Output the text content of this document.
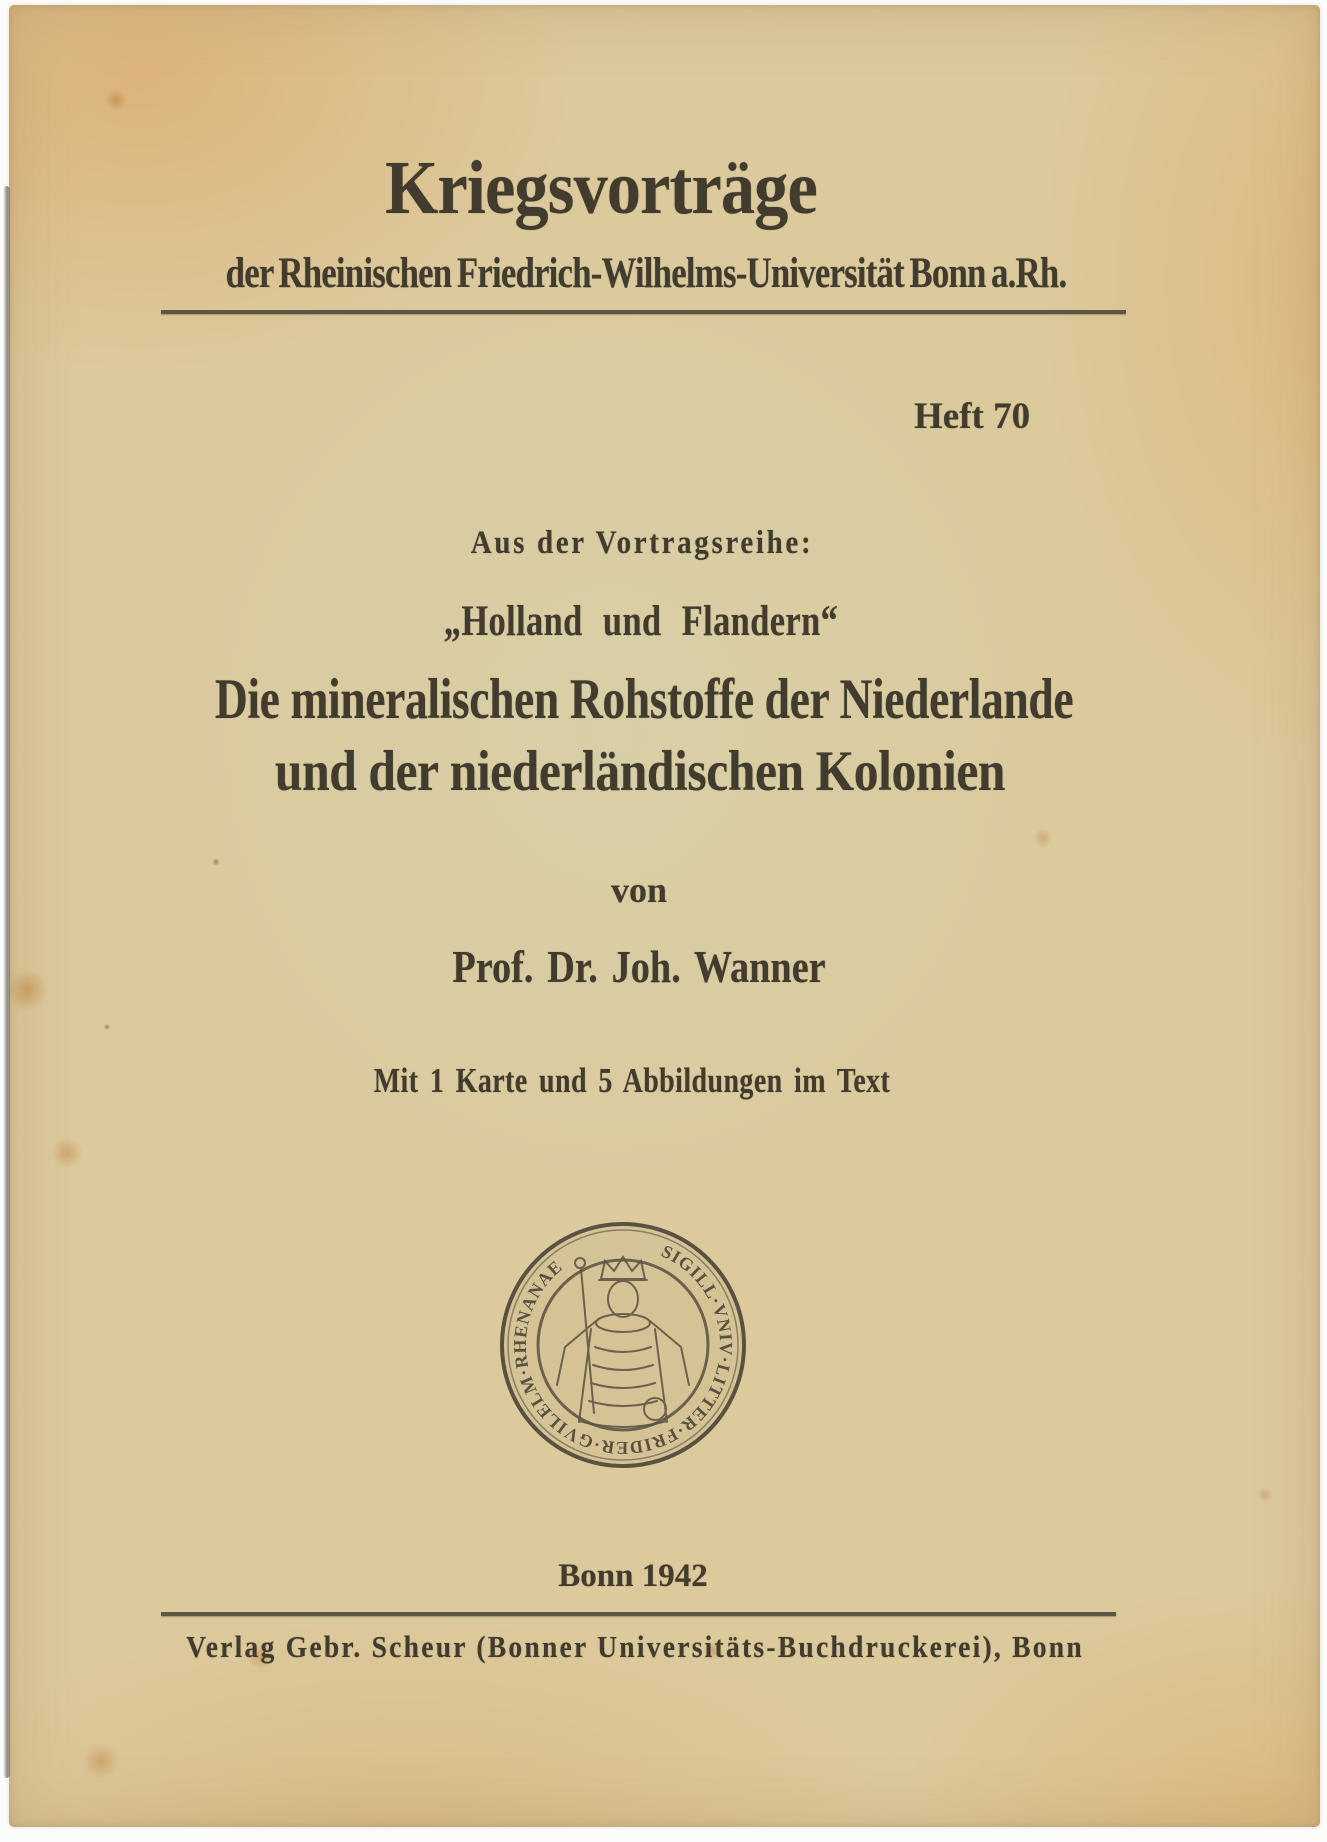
Kriegsvorträge
der Rheinischen Friedrich-Wilhelms-Universität Bonn a.Rh.
Heft 70
Aus der Vortragsreihe:
„Holland und Flandern“
Die mineralischen Rohstoffe der Niederlande
und der niederländischen Kolonien
von
Prof. Dr. Joh. Wanner
Mit 1 Karte und 5 Abbildungen im Text
SIGILL·VNIV·LITTER·FRIDER·GVILELM·RHENANAE
Bonn 1942
Verlag Gebr. Scheur (Bonner Universitäts-Buchdruckerei), Bonn
